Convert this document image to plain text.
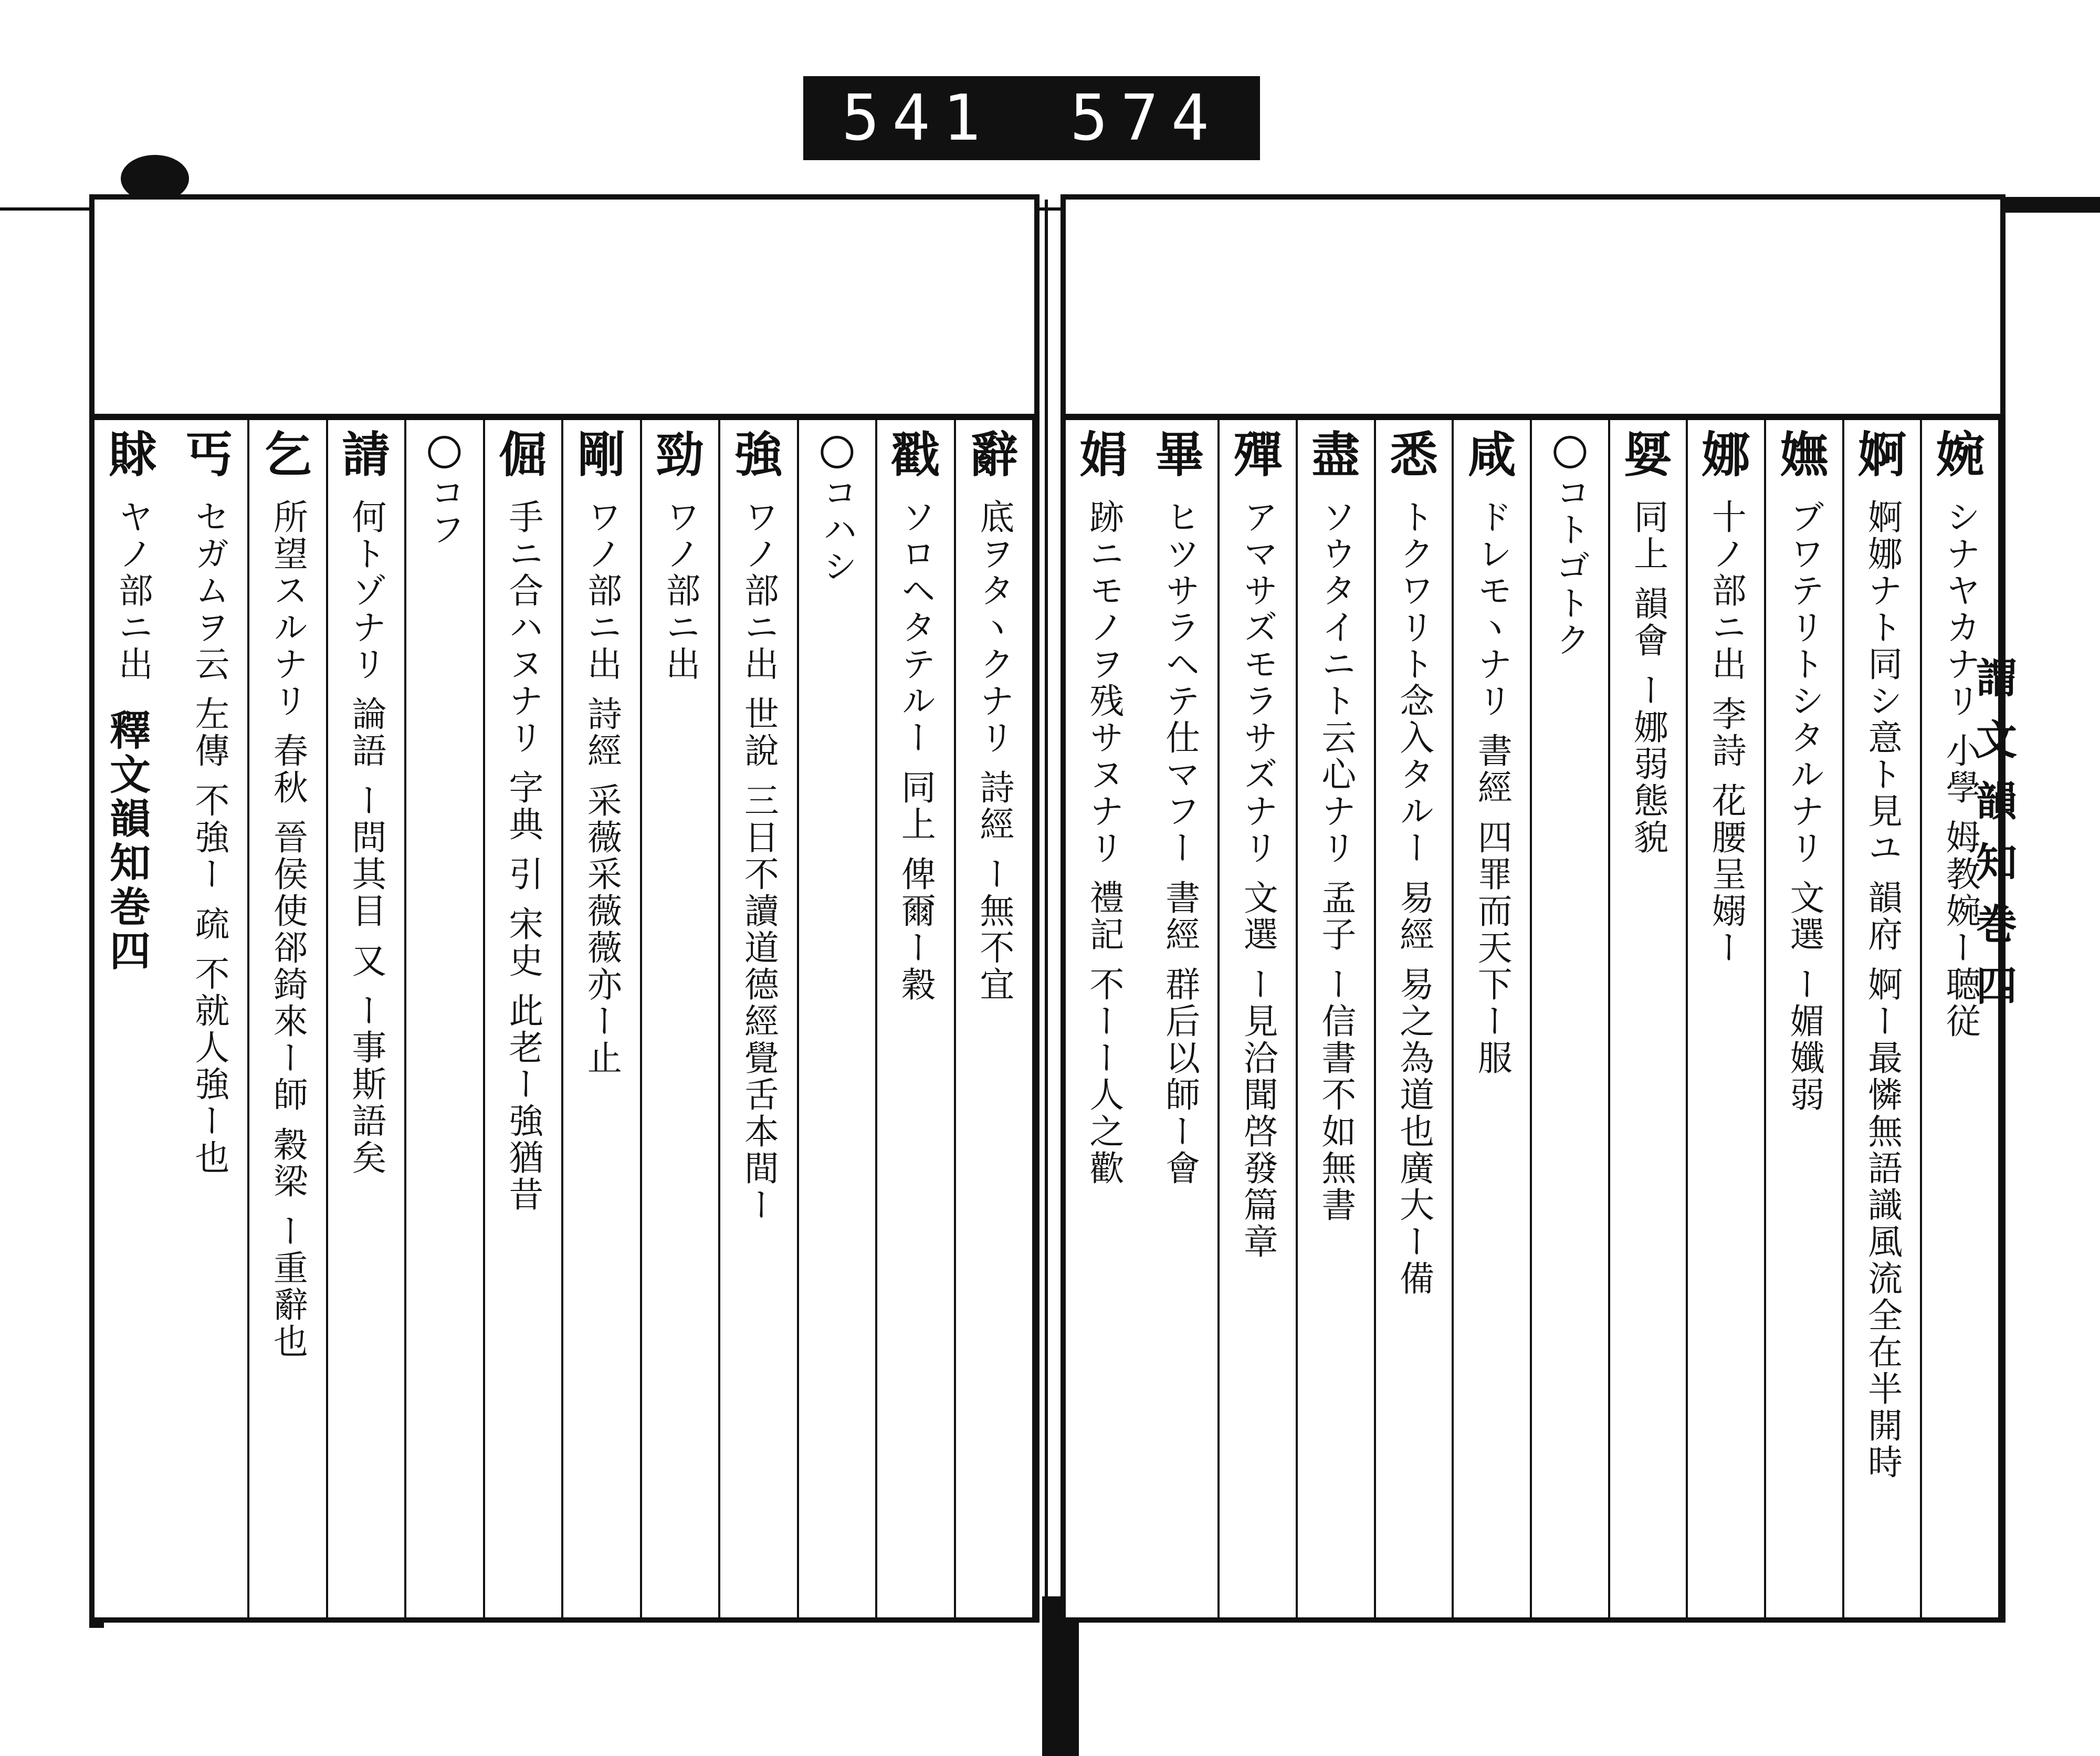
541 574
辭
底ヲタヽクナリ 詩經 ー無不宜
戳
ソロヘタテルー 同上 俾爾ー穀
コハシ
強
ワノ部ニ出 世說 三日不讀道德經覺舌本間ー
勁
ワノ部ニ出
剛
ワノ部ニ出 詩經 采薇采薇薇亦ー止
倔
手ニ合ハヌナリ 字典 引 宋史 此老ー強猶昔
コフ
請
何トゾナリ 論語 ー問其目 又 ー事斯語矣
乞
所望スルナリ 春秋 晉侯使郤錡來ー師 穀梁 ー重辭也
丐
セガムヲ云 左傳 不強ー 疏 不就人強ー也
賕
ヤノ部ニ出
婉
シナヤカナリ 小學 姆教婉ー聴従
婀
婀娜ナト同シ意ト見ユ 韻府 婀ー最憐無語識風流全在半開時
嫵
ブワテリトシタルナリ 文選 ー媚孅弱
娜
十ノ部ニ出 李詩 花腰呈嫋ー
娿
同上 韻會 ー娜弱態貌
コトゴトク
咸
ドレモヽナリ 書經 四罪而天下ー服
悉
トクワリト念入タルー 易經 易之為道也廣大ー備
盡
ソウタイニト云心ナリ 孟子 ー信書不如無書
殫
アマサズモラサズナリ 文選 ー見洽聞啓發篇章
畢
ヒツサラヘテ仕マフー 書經 群后以師ー會
娟
跡ニモノヲ残サヌナリ 禮記 不ーー人之歡
釋文韻知巻四	謂 文 韻 知 巻 四
